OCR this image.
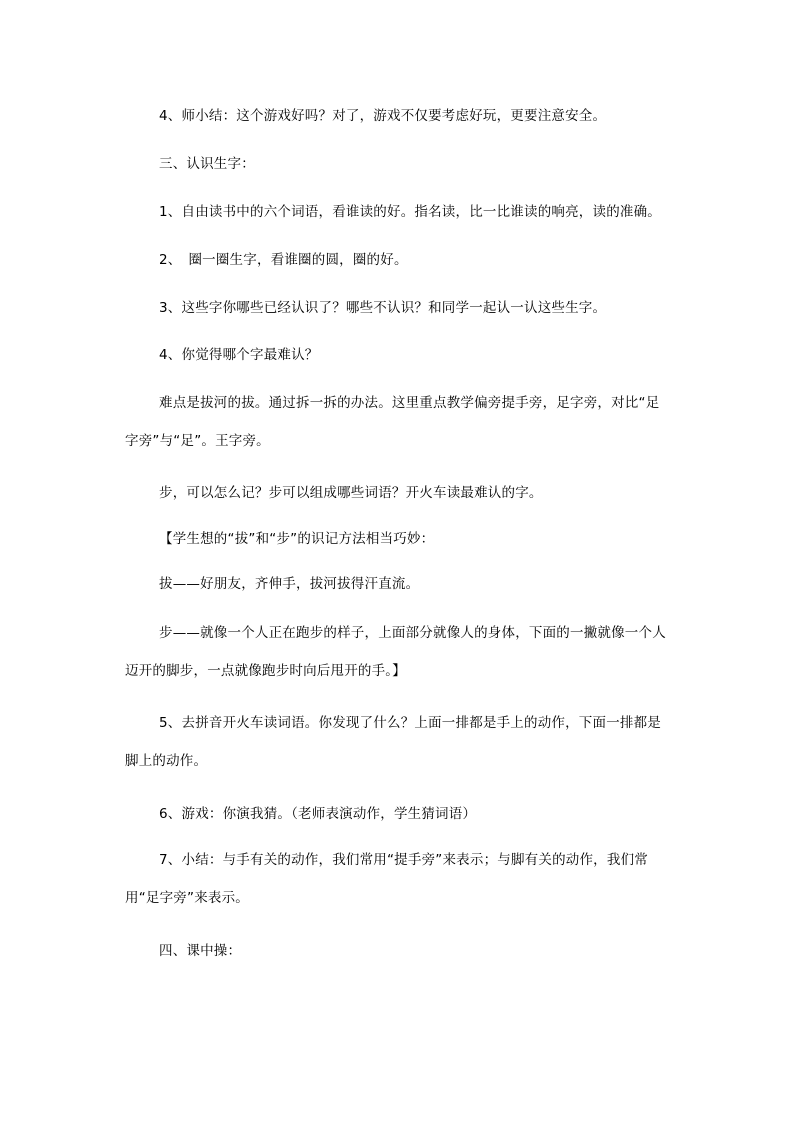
4、师小结：这个游戏好吗？对了，游戏不仅要考虑好玩，更要注意安全。

三、认识生字：

1、自由读书中的六个词语，看谁读的好。指名读，比一比谁读的响亮，读的准确。

2、　圈一圈生字，看谁圈的圆，圈的好。

3、这些字你哪些已经认识了？哪些不认识？和同学一起认一认这些生字。

4、你觉得哪个字最难认？

难点是拔河的拔。通过拆一拆的办法。这里重点教学偏旁提手旁，足字旁，对比“足字旁”与“足”。王字旁。

步，可以怎么记？步可以组成哪些词语？开火车读最难认的字。

【学生想的“拔”和“步”的识记方法相当巧妙：

拔——好朋友，齐伸手，拔河拔得汗直流。

步——就像一个人正在跑步的样子，上面部分就像人的身体，下面的一撇就像一个人迈开的脚步，一点就像跑步时向后甩开的手。】

5、去拼音开火车读词语。你发现了什么？上面一排都是手上的动作，下面一排都是脚上的动作。

6、游戏：你演我猜。（老师表演动作，学生猜词语）

7、小结：与手有关的动作，我们常用“提手旁”来表示；与脚有关的动作，我们常用“足字旁”来表示。

四、课中操：
